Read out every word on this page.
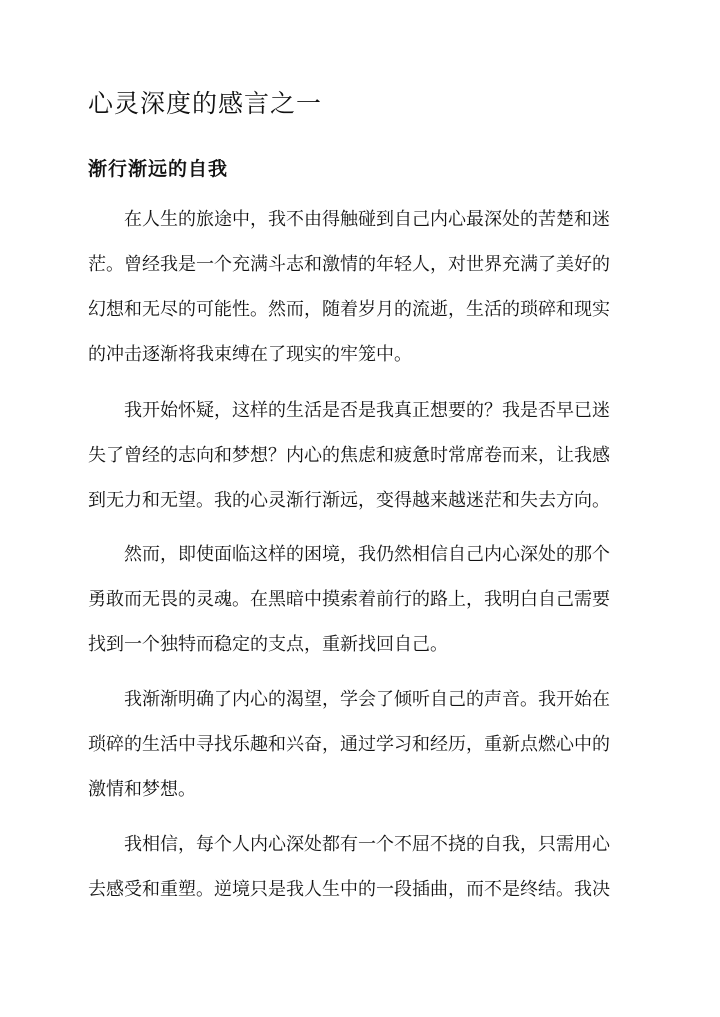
心灵深度的感言之一
渐行渐远的自我
在人生的旅途中，我不由得触碰到自己内心最深处的苦楚和迷
茫。曾经我是一个充满斗志和激情的年轻人，对世界充满了美好的
幻想和无尽的可能性。然而，随着岁月的流逝，生活的琐碎和现实
的冲击逐渐将我束缚在了现实的牢笼中。
我开始怀疑，这样的生活是否是我真正想要的？我是否早已迷
失了曾经的志向和梦想？内心的焦虑和疲惫时常席卷而来，让我感
到无力和无望。我的心灵渐行渐远，变得越来越迷茫和失去方向。
然而，即使面临这样的困境，我仍然相信自己内心深处的那个
勇敢而无畏的灵魂。在黑暗中摸索着前行的路上，我明白自己需要
找到一个独特而稳定的支点，重新找回自己。
我渐渐明确了内心的渴望，学会了倾听自己的声音。我开始在
琐碎的生活中寻找乐趣和兴奋，通过学习和经历，重新点燃心中的
激情和梦想。
我相信，每个人内心深处都有一个不屈不挠的自我，只需用心
去感受和重塑。逆境只是我人生中的一段插曲，而不是终结。我决
